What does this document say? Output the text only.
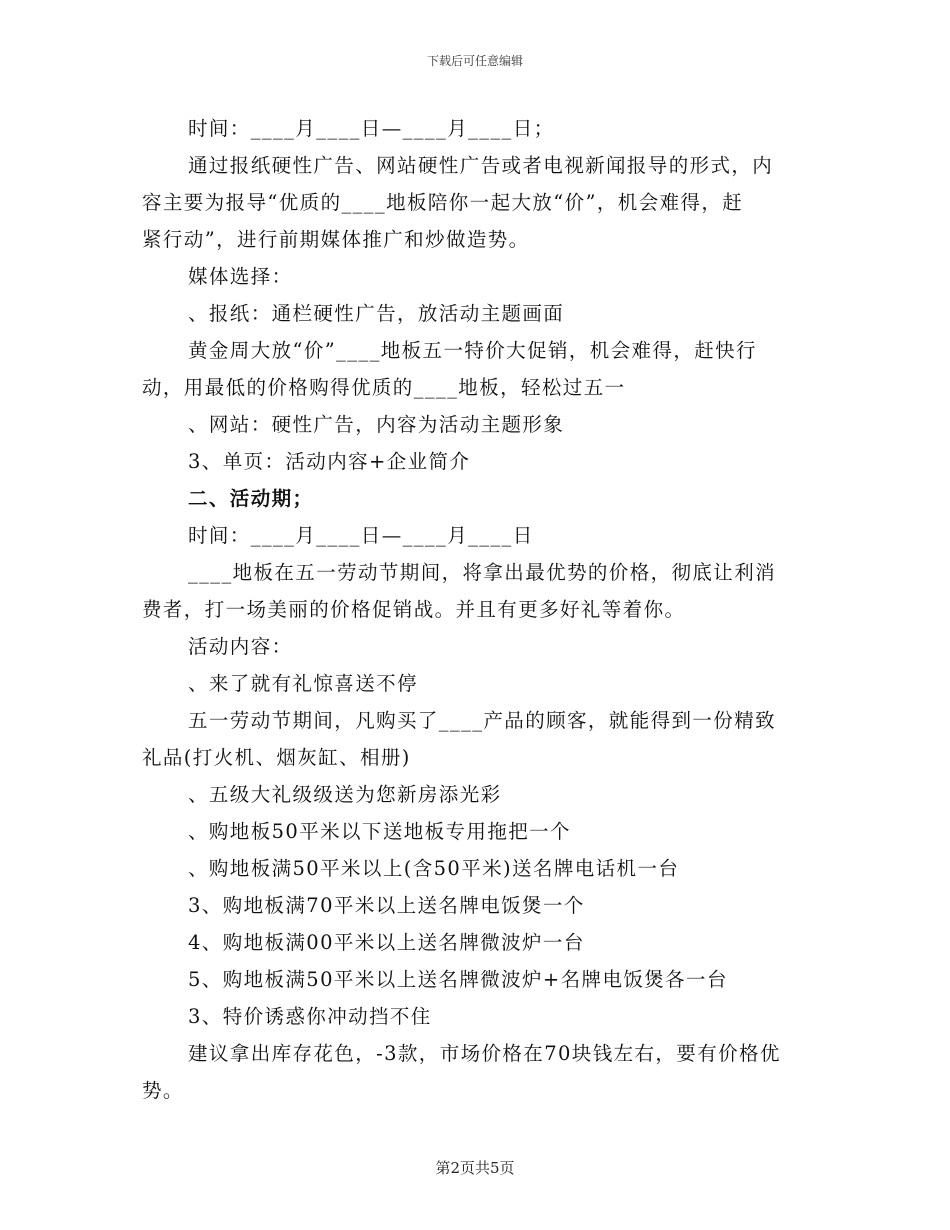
下载后可任意编辑
时间：____月____日—____月____日；
通过报纸硬性广告、网站硬性广告或者电视新闻报导的形式，内
容主要为报导“优质的____地板陪你一起大放“价”，机会难得，赶
紧行动”，进行前期媒体推广和炒做造势。
媒体选择：
、报纸：通栏硬性广告，放活动主题画面
黄金周大放“价”____地板五一特价大促销，机会难得，赶快行
动，用最低的价格购得优质的____地板，轻松过五一
、网站：硬性广告，内容为活动主题形象
3、单页：活动内容+企业简介
二、活动期；
时间：____月____日—____月____日
____地板在五一劳动节期间，将拿出最优势的价格，彻底让利消
费者，打一场美丽的价格促销战。并且有更多好礼等着你。
活动内容：
、来了就有礼惊喜送不停
五一劳动节期间，凡购买了____产品的顾客，就能得到一份精致
礼品(打火机、烟灰缸、相册)
、五级大礼级级送为您新房添光彩
、购地板50平米以下送地板专用拖把一个
、购地板满50平米以上(含50平米)送名牌电话机一台
3、购地板满70平米以上送名牌电饭煲一个
4、购地板满00平米以上送名牌微波炉一台
5、购地板满50平米以上送名牌微波炉+名牌电饭煲各一台
3、特价诱惑你冲动挡不住
建议拿出库存花色，-3款，市场价格在70块钱左右，要有价格优
势。
第2页共5页
